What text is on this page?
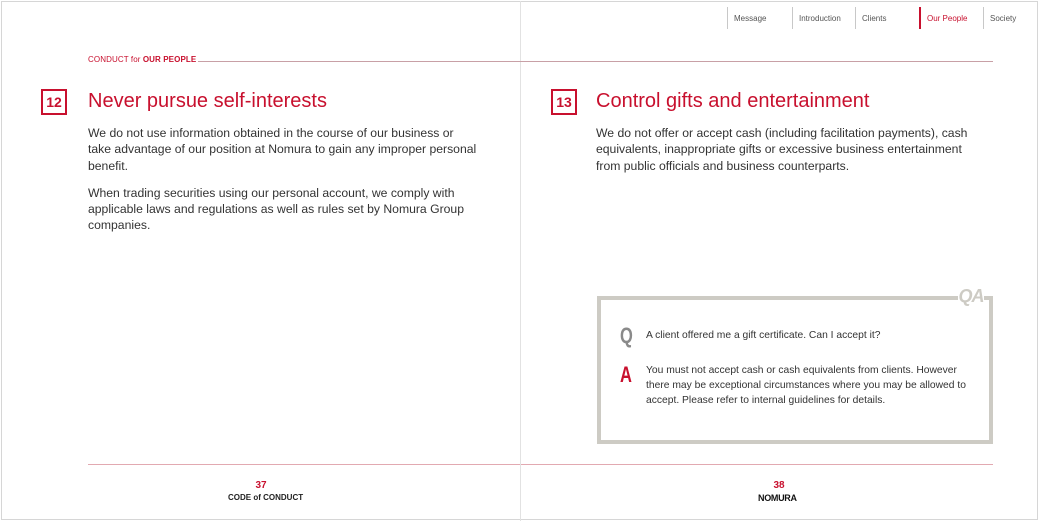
Message	Introduction	Clients	Our People	Society
CONDUCT for OUR PEOPLE
12 Never pursue self-interests

We do not use information obtained in the course of our business or take advantage of our position at Nomura to gain any improper personal benefit.

When trading securities using our personal account, we comply with applicable laws and regulations as well as rules set by Nomura Group companies.

13 Control gifts and entertainment

We do not offer or accept cash (including facilitation payments), cash equivalents, inappropriate gifts or excessive business entertainment from public officials and business counterparts.

QA
Q A client offered me a gift certificate. Can I accept it?
A You must not accept cash or cash equivalents from clients. However there may be exceptional circumstances where you may be allowed to accept. Please refer to internal guidelines for details.
37
CODE of CONDUCT
38
NOMURA
